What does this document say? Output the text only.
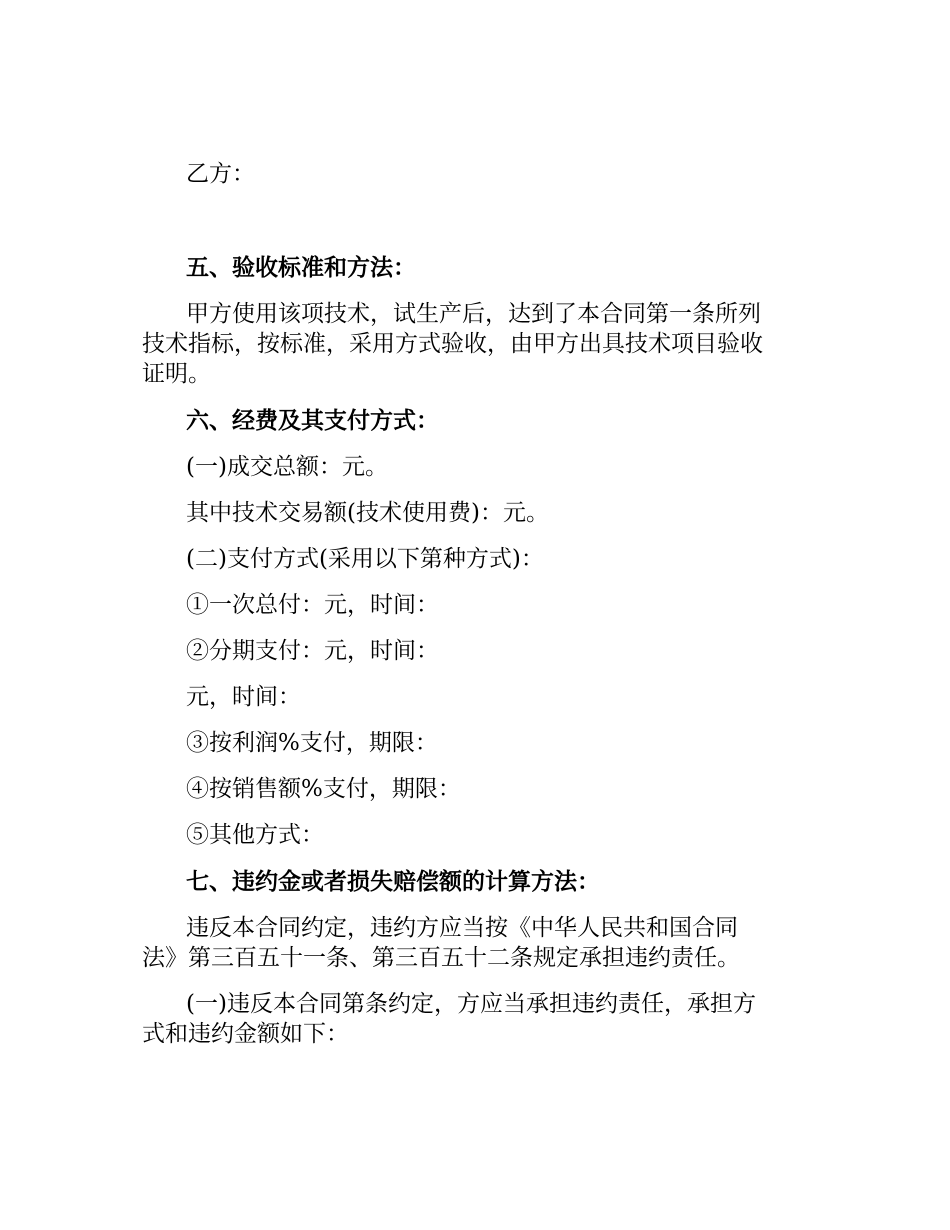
乙方：
五、验收标准和方法：
甲方使用该项技术，试生产后，达到了本合同第一条所列
技术指标，按标准，采用方式验收，由甲方出具技术项目验收
证明。
六、经费及其支付方式：
(一)成交总额：元。
其中技术交易额(技术使用费)：元。
(二)支付方式(采用以下第种方式)：
①一次总付：元，时间：
②分期支付：元，时间：
元，时间：
③按利润%支付，期限：
④按销售额%支付，期限：
⑤其他方式：
七、违约金或者损失赔偿额的计算方法：
违反本合同约定，违约方应当按《中华人民共和国合同
法》第三百五十一条、第三百五十二条规定承担违约责任。
(一)违反本合同第条约定，方应当承担违约责任，承担方
式和违约金额如下：
